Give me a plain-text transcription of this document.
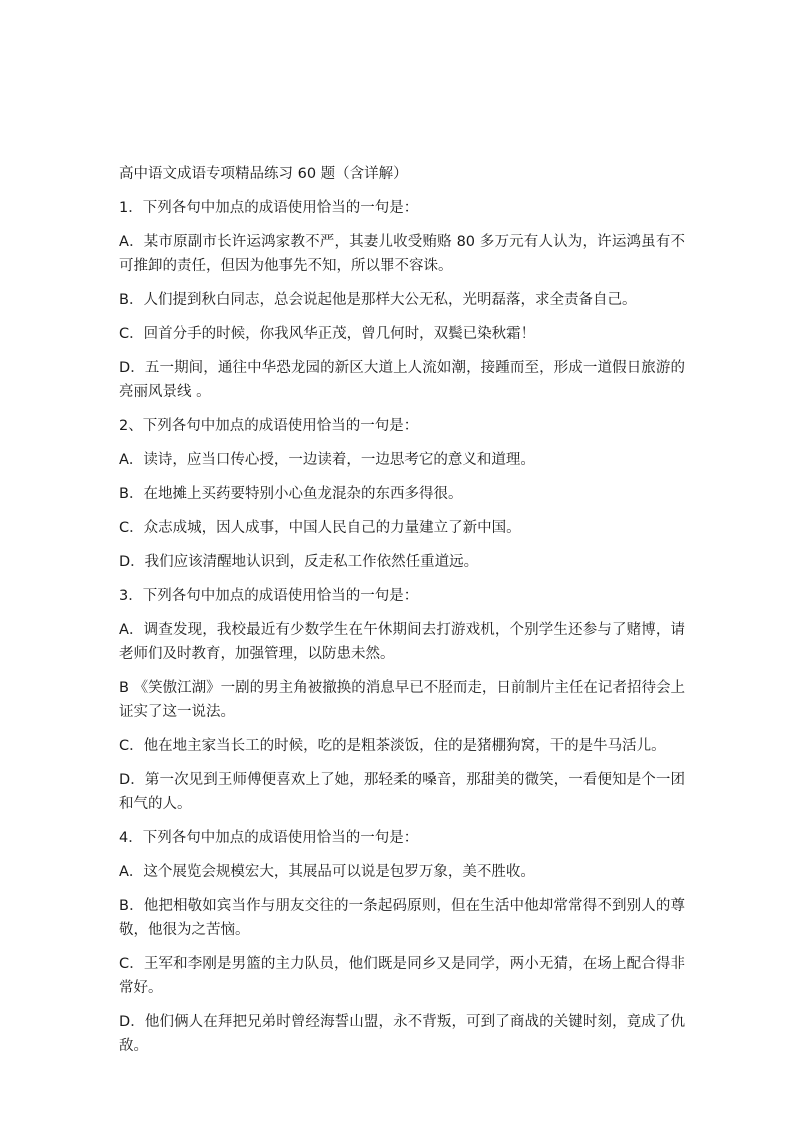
高中语文成语专项精品练习 60 题（含详解）

1．下列各句中加点的成语使用恰当的一句是：

A．某市原副市长许运鸿家教不严，其妻儿收受贿赂 80 多万元有人认为，许运鸿虽有不可推卸的责任，但因为他事先不知，所以罪不容诛。

B．人们提到秋白同志，总会说起他是那样大公无私，光明磊落，求全责备自己。

C．回首分手的时候，你我风华正茂，曾几何时，双鬓已染秋霜！

D．五一期间，通往中华恐龙园的新区大道上人流如潮，接踵而至，形成一道假日旅游的亮丽风景线 。

2、下列各句中加点的成语使用恰当的一句是：

A．读诗，应当口传心授，一边读着，一边思考它的意义和道理。

B．在地摊上买药要特别小心鱼龙混杂的东西多得很。

C．众志成城，因人成事，中国人民自己的力量建立了新中国。

D．我们应该清醒地认识到，反走私工作依然任重道远。

3．下列各句中加点的成语使用恰当的一句是：

A．调查发现，我校最近有少数学生在午休期间去打游戏机，个别学生还参与了赌博，请老师们及时教育，加强管理，以防患未然。

B 《笑傲江湖》一剧的男主角被撤换的消息早已不胫而走，日前制片主任在记者招待会上证实了这一说法。

C．他在地主家当长工的时候，吃的是粗茶淡饭，住的是猪棚狗窝，干的是牛马活儿。

D．第一次见到王师傅便喜欢上了她，那轻柔的嗓音，那甜美的微笑，一看便知是个一团和气的人。

4．下列各句中加点的成语使用恰当的一句是：

A．这个展览会规模宏大，其展品可以说是包罗万象，美不胜收。

B．他把相敬如宾当作与朋友交往的一条起码原则，但在生活中他却常常得不到别人的尊敬，他很为之苦恼。

C．王军和李刚是男篮的主力队员，他们既是同乡又是同学，两小无猜，在场上配合得非常好。

D．他们俩人在拜把兄弟时曾经海誓山盟，永不背叛，可到了商战的关键时刻，竟成了仇敌。
